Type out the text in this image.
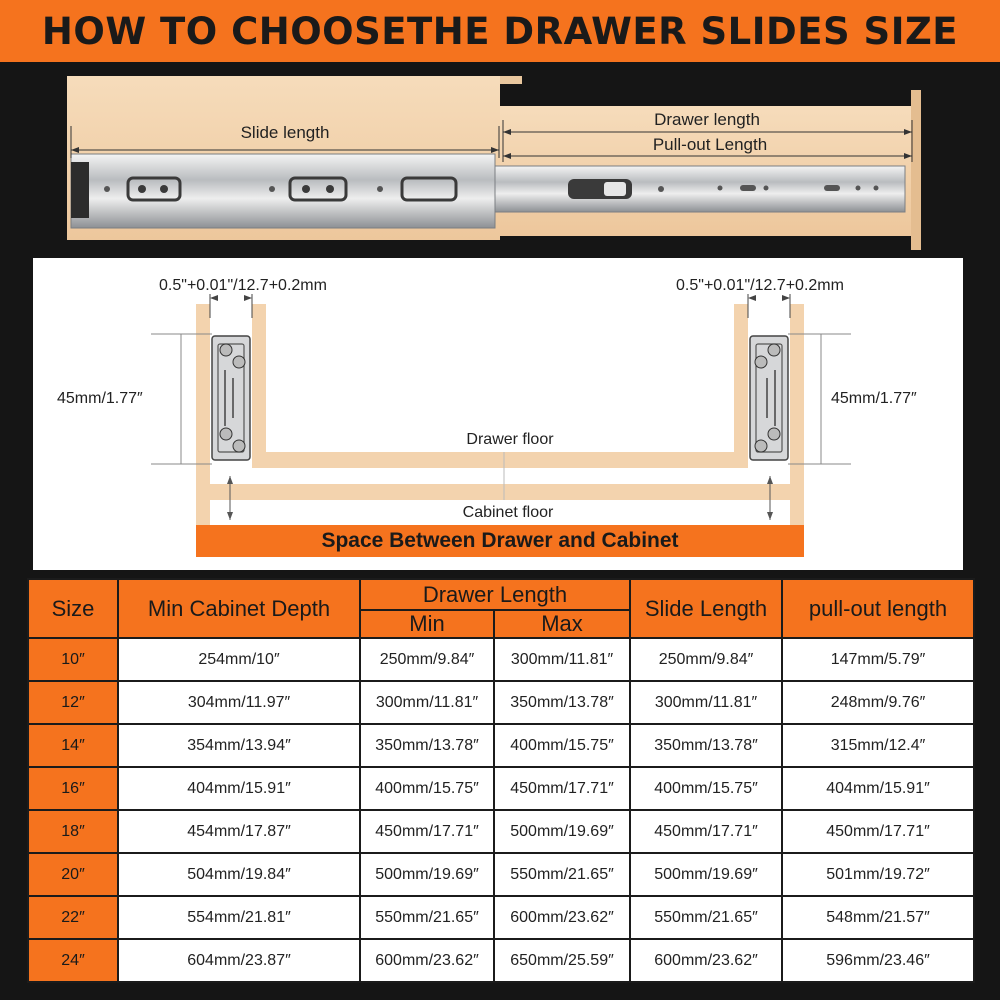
HOW TO CHOOSETHE DRAWER SLIDES SIZE
Slide length
Drawer length
Pull-out Length
0.5"+0.01"/12.7+0.2mm	0.5"+0.01"/12.7+0.2mm
45mm/1.77″	45mm/1.77″
Drawer floor
Cabinet floor
Space Between Drawer and Cabinet
Size	Min Cabinet Depth	Drawer Length		Slide Length	pull-out length
		Min	Max		
10″	254mm/10″	250mm/9.84″	300mm/11.81″	250mm/9.84″	147mm/5.79″
12″	304mm/11.97″	300mm/11.81″	350mm/13.78″	300mm/11.81″	248mm/9.76″
14″	354mm/13.94″	350mm/13.78″	400mm/15.75″	350mm/13.78″	315mm/12.4″
16″	404mm/15.91″	400mm/15.75″	450mm/17.71″	400mm/15.75″	404mm/15.91″
18″	454mm/17.87″	450mm/17.71″	500mm/19.69″	450mm/17.71″	450mm/17.71″
20″	504mm/19.84″	500mm/19.69″	550mm/21.65″	500mm/19.69″	501mm/19.72″
22″	554mm/21.81″	550mm/21.65″	600mm/23.62″	550mm/21.65″	548mm/21.57″
24″	604mm/23.87″	600mm/23.62″	650mm/25.59″	600mm/23.62″	596mm/23.46″
